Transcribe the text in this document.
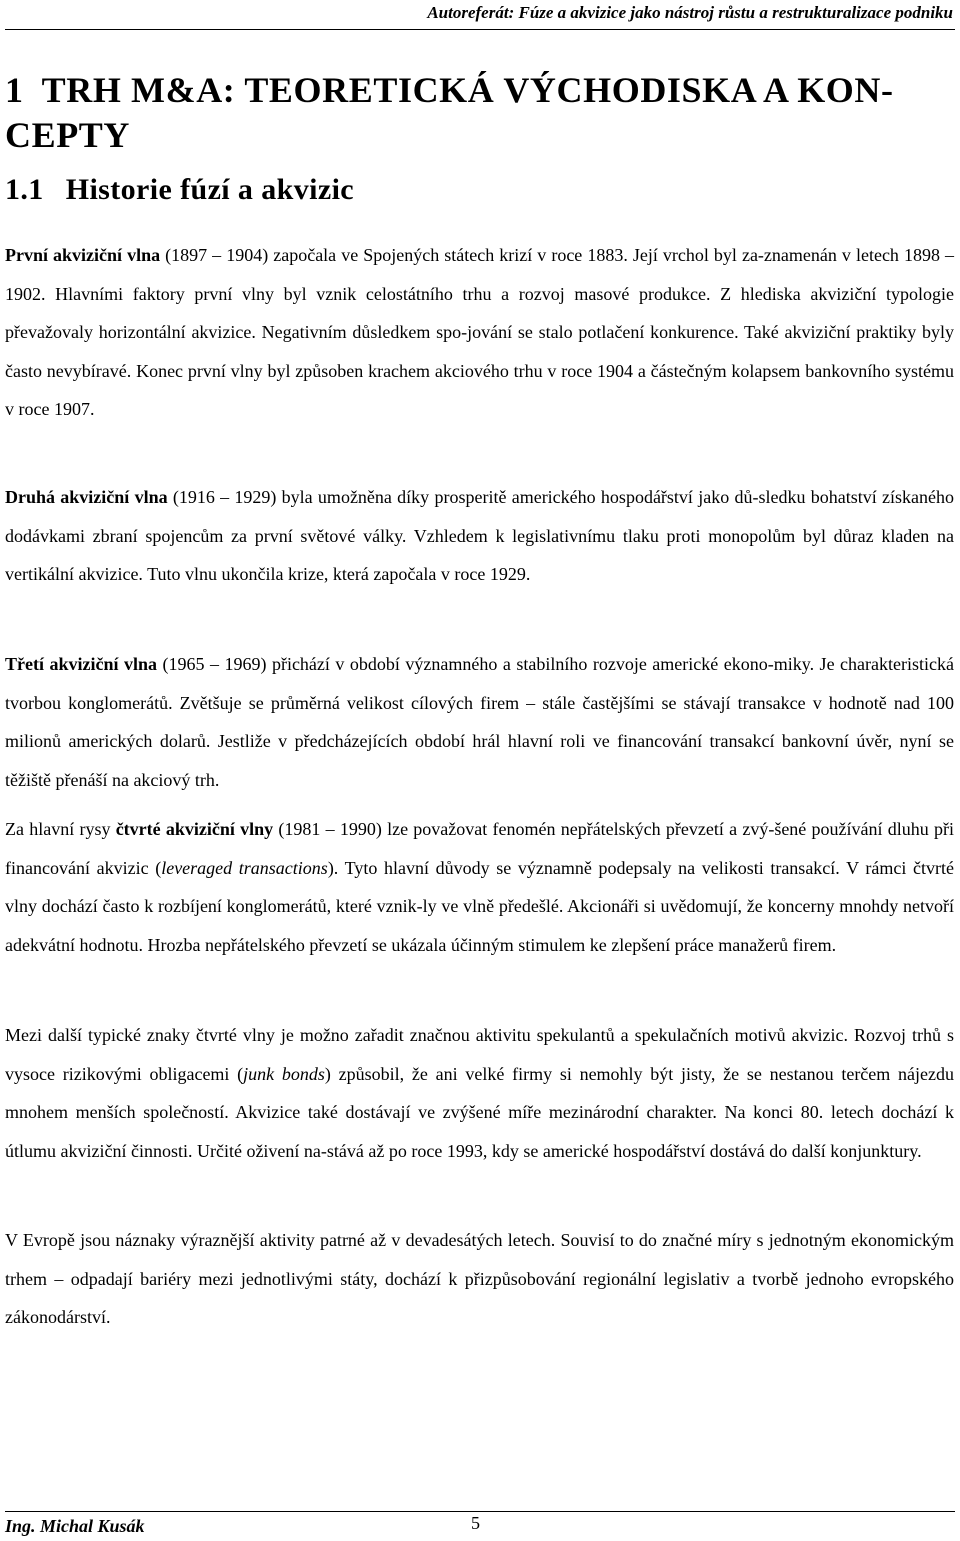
Autoreferát: Fúze a akvizice jako nástroj růstu a restrukturalizace podniku
1 TRH M&A: TEORETICKÁ VÝCHODISKA A KON-CEPTY
1.1 Historie fúzí a akvizic

První akviziční vlna (1897 – 1904) započala ve Spojených státech krizí v roce 1883. Její vrchol byl za-znamenán v letech 1898 – 1902. Hlavními faktory první vlny byl vznik celostátního trhu a rozvoj masové produkce. Z hlediska akviziční typologie převažovaly horizontální akvizice. Negativním důsledkem spo-jování se stalo potlačení konkurence. Také akviziční praktiky byly často nevybíravé. Konec první vlny byl způsoben krachem akciového trhu v roce 1904 a částečným kolapsem bankovního systému v roce 1907.

Druhá akviziční vlna (1916 – 1929) byla umožněna díky prosperitě amerického hospodářství jako dů-sledku bohatství získaného dodávkami zbraní spojencům za první světové války. Vzhledem k legislativnímu tlaku proti monopolům byl důraz kladen na vertikální akvizice. Tuto vlnu ukončila krize, která započala v roce 1929.

Třetí akviziční vlna (1965 – 1969) přichází v období významného a stabilního rozvoje americké ekono-miky. Je charakteristická tvorbou konglomerátů. Zvětšuje se průměrná velikost cílových firem – stále častějšími se stávají transakce v hodnotě nad 100 milionů amerických dolarů. Jestliže v předcházejících období hrál hlavní roli ve financování transakcí bankovní úvěr, nyní se těžiště přenáší na akciový trh.

Za hlavní rysy čtvrté akviziční vlny (1981 – 1990) lze považovat fenomén nepřátelských převzetí a zvý-šené používání dluhu při financování akvizic (leveraged transactions). Tyto hlavní důvody se významně podepsaly na velikosti transakcí. V rámci čtvrté vlny dochází často k rozbíjení konglomerátů, které vznik-ly ve vlně předešlé. Akcionáři si uvědomují, že koncerny mnohdy netvoří adekvátní hodnotu. Hrozba nepřátelského převzetí se ukázala účinným stimulem ke zlepšení práce manažerů firem.

Mezi další typické znaky čtvrté vlny je možno zařadit značnou aktivitu spekulantů a spekulačních motivů akvizic. Rozvoj trhů s vysoce rizikovými obligacemi (junk bonds) způsobil, že ani velké firmy si nemohly být jisty, že se nestanou terčem nájezdu mnohem menších společností. Akvizice také dostávají ve zvýšené míře mezinárodní charakter. Na konci 80. letech dochází k útlumu akviziční činnosti. Určité oživení na-stává až po roce 1993, kdy se americké hospodářství dostává do další konjunktury.

V Evropě jsou náznaky výraznější aktivity patrné až v devadesátých letech. Souvisí to do značné míry s jednotným ekonomickým trhem – odpadají bariéry mezi jednotlivými státy, dochází k přizpůsobování regionální legislativ a tvorbě jednoho evropského zákonodárství.

Ing. Michal Kusák	5
